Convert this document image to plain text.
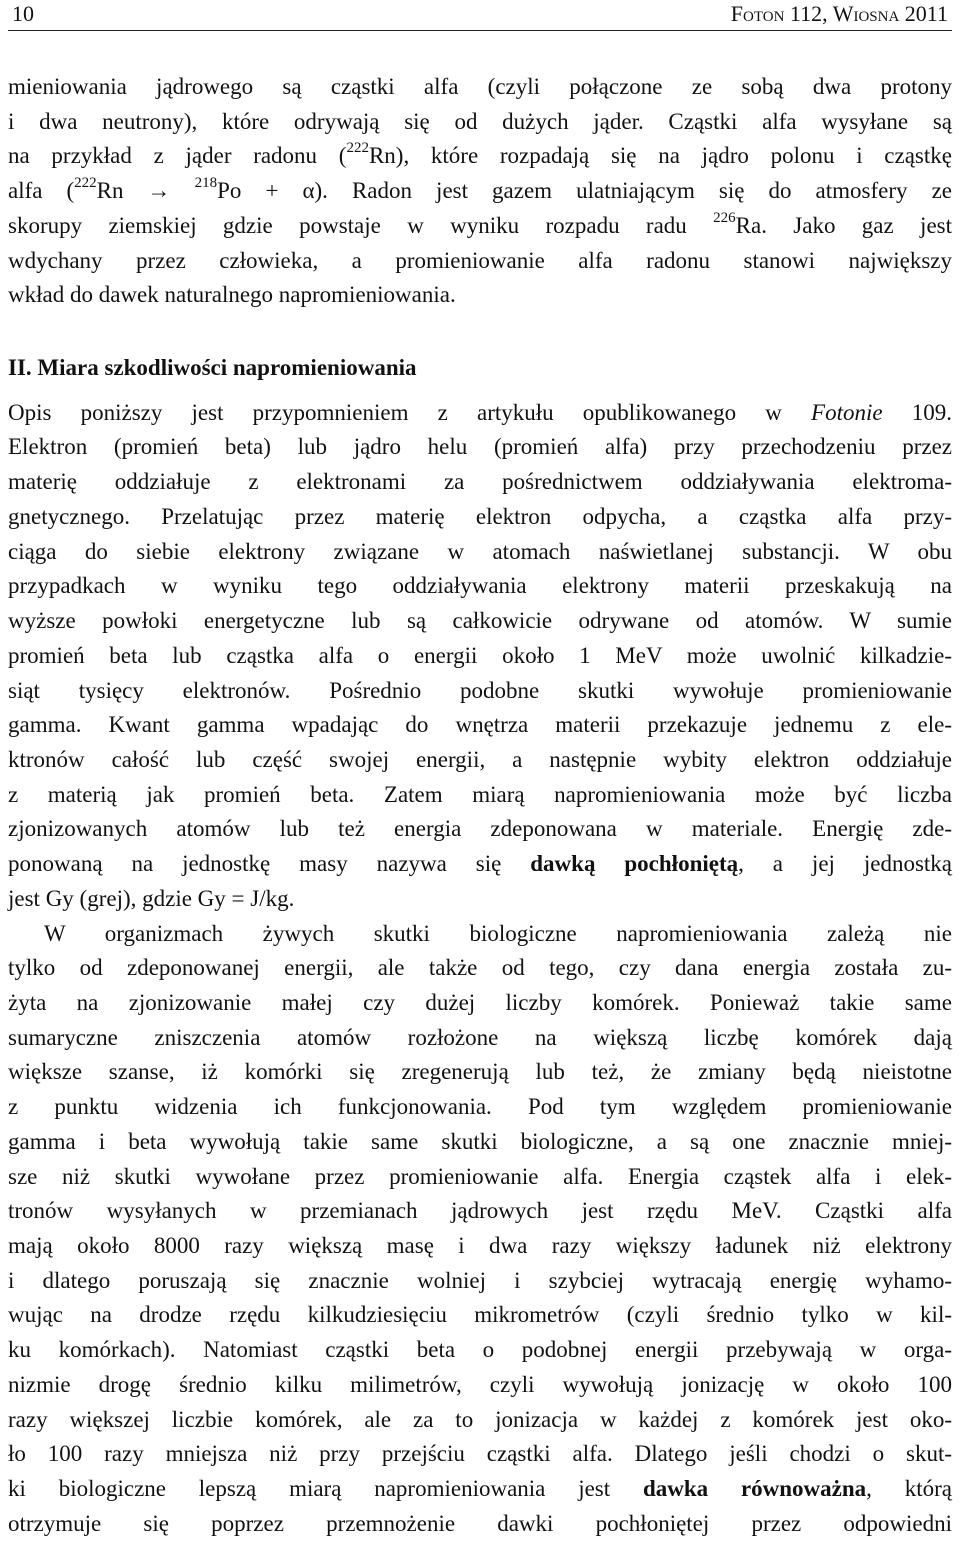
10	Foton 112, Wiosna 2011
mieniowania jądrowego są cząstki alfa (czyli połączone ze sobą dwa protony
i dwa neutrony), które odrywają się od dużych jąder. Cząstki alfa wysyłane są
na przykład z jąder radonu ($^{222}$Rn), które rozpadają się na jądro polonu i cząstkę
alfa ($^{222}$Rn → $^{218}$Po + α). Radon jest gazem ulatniającym się do atmosfery ze
skorupy ziemskiej gdzie powstaje w wyniku rozpadu radu $^{226}$Ra. Jako gaz jest
wdychany przez człowieka, a promieniowanie alfa radonu stanowi największy
wkład do dawek naturalnego napromieniowania.
II. Miara szkodliwości napromieniowania
Opis poniższy jest przypomnieniem z artykułu opublikowanego w Fotonie 109.
Elektron (promień beta) lub jądro helu (promień alfa) przy przechodzeniu przez
materię oddziałuje z elektronami za pośrednictwem oddziaływania elektroma-
gnetycznego. Przelatując przez materię elektron odpycha, a cząstka alfa przy-
ciąga do siebie elektrony związane w atomach naświetlanej substancji. W obu
przypadkach w wyniku tego oddziaływania elektrony materii przeskakują na
wyższe powłoki energetyczne lub są całkowicie odrywane od atomów. W sumie
promień beta lub cząstka alfa o energii około 1 MeV może uwolnić kilkadzie-
siąt tysięcy elektronów. Pośrednio podobne skutki wywołuje promieniowanie
gamma. Kwant gamma wpadając do wnętrza materii przekazuje jednemu z ele-
ktronów całość lub część swojej energii, a następnie wybity elektron oddziałuje
z materią jak promień beta. Zatem miarą napromieniowania może być liczba
zjonizowanych atomów lub też energia zdeponowana w materiale. Energię zde-
ponowaną na jednostkę masy nazywa się dawką pochłoniętą, a jej jednostką
jest Gy (grej), gdzie Gy = J/kg.
W organizmach żywych skutki biologiczne napromieniowania zależą nie
tylko od zdeponowanej energii, ale także od tego, czy dana energia została zu-
żyta na zjonizowanie małej czy dużej liczby komórek. Ponieważ takie same
sumaryczne zniszczenia atomów rozłożone na większą liczbę komórek dają
większe szanse, iż komórki się zregenerują lub też, że zmiany będą nieistotne
z punktu widzenia ich funkcjonowania. Pod tym względem promieniowanie
gamma i beta wywołują takie same skutki biologiczne, a są one znacznie mniej-
sze niż skutki wywołane przez promieniowanie alfa. Energia cząstek alfa i elek-
tronów wysyłanych w przemianach jądrowych jest rzędu MeV. Cząstki alfa
mają około 8000 razy większą masę i dwa razy większy ładunek niż elektrony
i dlatego poruszają się znacznie wolniej i szybciej wytracają energię wyhamo-
wując na drodze rzędu kilkudziesięciu mikrometrów (czyli średnio tylko w kil-
ku komórkach). Natomiast cząstki beta o podobnej energii przebywają w orga-
nizmie drogę średnio kilku milimetrów, czyli wywołują jonizację w około 100
razy większej liczbie komórek, ale za to jonizacja w każdej z komórek jest oko-
ło 100 razy mniejsza niż przy przejściu cząstki alfa. Dlatego jeśli chodzi o skut-
ki biologiczne lepszą miarą napromieniowania jest dawka równoważna, którą
otrzymuje się poprzez przemnożenie dawki pochłoniętej przez odpowiedni
